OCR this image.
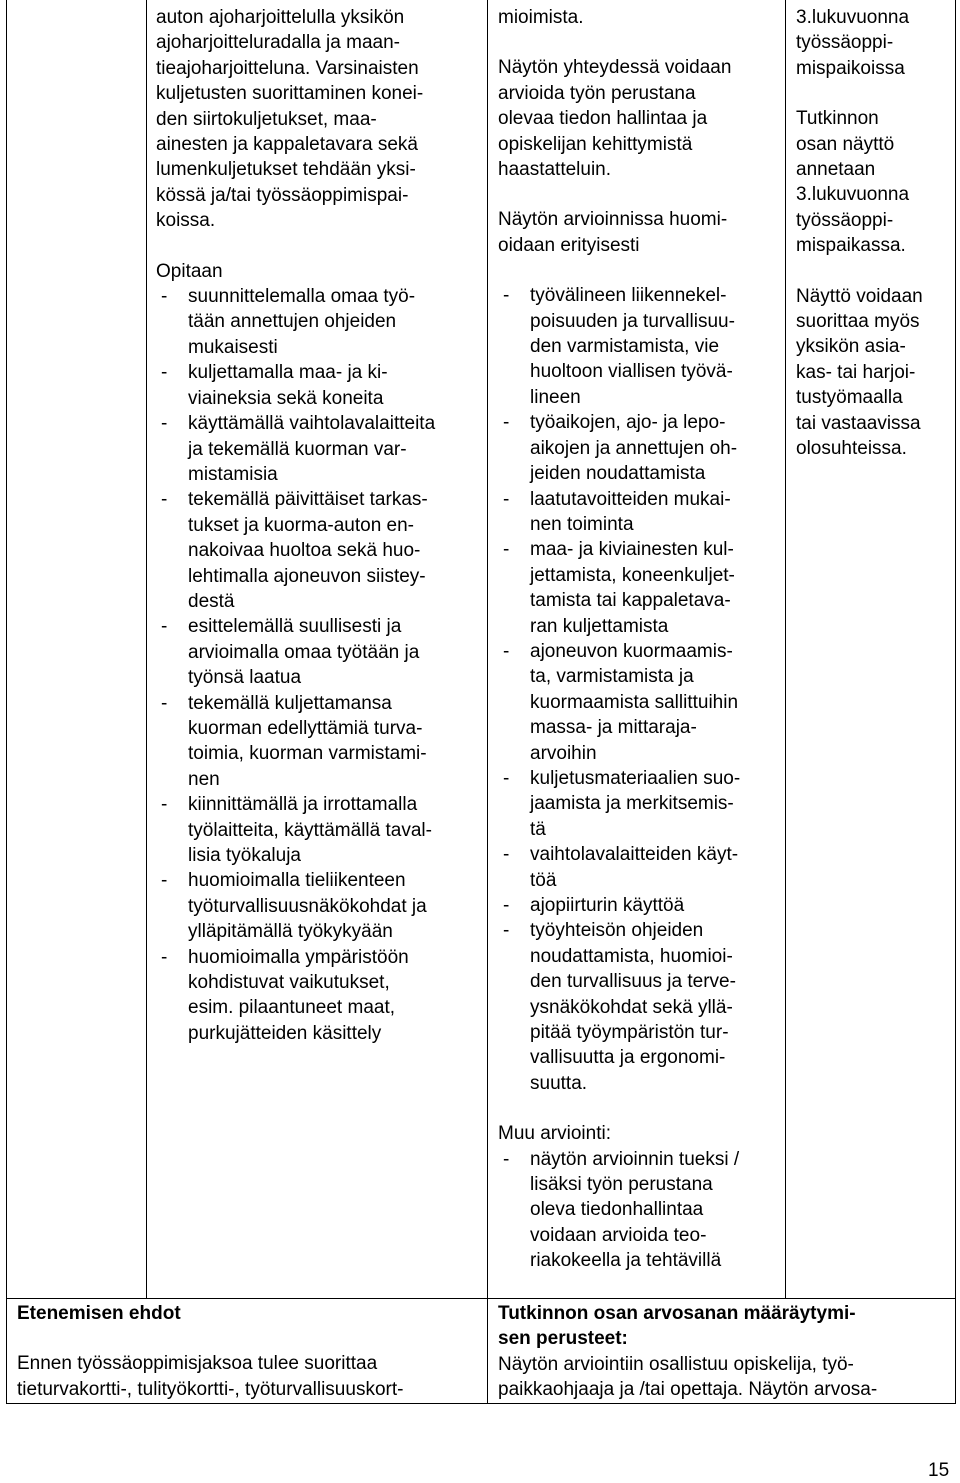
auton ajoharjoittelulla yksikön
ajoharjoitteluradalla ja maan-
tieajoharjoitteluna. Varsinaisten
kuljetusten suorittaminen konei-
den siirtokuljetukset, maa-
ainesten ja kappaletavara sekä
lumenkuljetukset tehdään yksi-
kössä ja/tai työssäoppimispai-
koissa.

Opitaan

- suunnittelemalla omaa työ-
tään annettujen ohjeiden
mukaisesti
- kuljettamalla maa- ja ki-
viaineksia sekä koneita
- käyttämällä vaihtolavalaitteita
ja tekemällä kuorman var-
mistamisia
- tekemällä päivittäiset tarkas-
tukset ja kuorma-auton en-
nakoivaa huoltoa sekä huo-
lehtimalla ajoneuvon siistey-
destä
- esittelemällä suullisesti ja
arvioimalla omaa työtään ja
työnsä laatua
- tekemällä kuljettamansa
kuorman edellyttämiä turva-
toimia, kuorman varmistami-
nen
- kiinnittämällä ja irrottamalla
työlaitteita, käyttämällä taval-
lisia työkaluja
- huomioimalla tieliikenteen
työturvallisuusnäkökohdat ja
ylläpitämällä työkykyään
- huomioimalla ympäristöön
kohdistuvat vaikutukset,
esim. pilaantuneet maat,
purkujätteiden käsittely

mioimista.

Näytön yhteydessä voidaan
arvioida työn perustana
olevaa tiedon hallintaa ja
opiskelijan kehittymistä
haastatteluin.

Näytön arvioinnissa huomi-
oidaan erityisesti

- työvälineen liikennekel-
poisuuden ja turvallisuu-
den varmistamista, vie
huoltoon viallisen työvä-
lineen
- työaikojen, ajo- ja lepo-
aikojen ja annettujen oh-
jeiden noudattamista
- laatutavoitteiden mukai-
nen toiminta
- maa- ja kiviainesten kul-
jettamista, koneenkuljet-
tamista tai kappaletava-
ran kuljettamista
- ajoneuvon kuormaamis-
ta, varmistamista ja
kuormaamista sallittuihin
massa- ja mittaraja-
arvoihin
- kuljetusmateriaalien suo-
jaamista ja merkitsemis-
tä
- vaihtolavalaitteiden käyt-
töä
- ajopiirturin käyttöä
- työyhteisön ohjeiden
noudattamista, huomioi-
den turvallisuus ja terve-
ysnäkökohdat sekä yllä-
pitää työympäristön tur-
vallisuutta ja ergonomi-
suutta.

Muu arviointi:

- näytön arvioinnin tueksi /
lisäksi työn perustana
oleva tiedonhallintaa
voidaan arvioida teo-
riakokeella ja tehtävillä

3.lukuvuonna
työssäoppi-
mispaikoissa

Tutkinnon
osan näyttö
annetaan
3.lukuvuonna
työssäoppi-
mispaikassa.

Näyttö voidaan
suorittaa myös
yksikön asia-
kas- tai harjoi-
tustyömaalla
tai vastaavissa
olosuhteissa.

Etenemisen ehdot

Ennen työssäoppimisjaksoa tulee suorittaa
tieturvakortti-, tulityökortti-, työturvallisuuskort-

Tutkinnon osan arvosanan määräytymi-
sen perusteet:

Näytön arviointiin osallistuu opiskelija, työ-
paikkaohjaaja ja /tai opettaja. Näytön arvosa-

15
